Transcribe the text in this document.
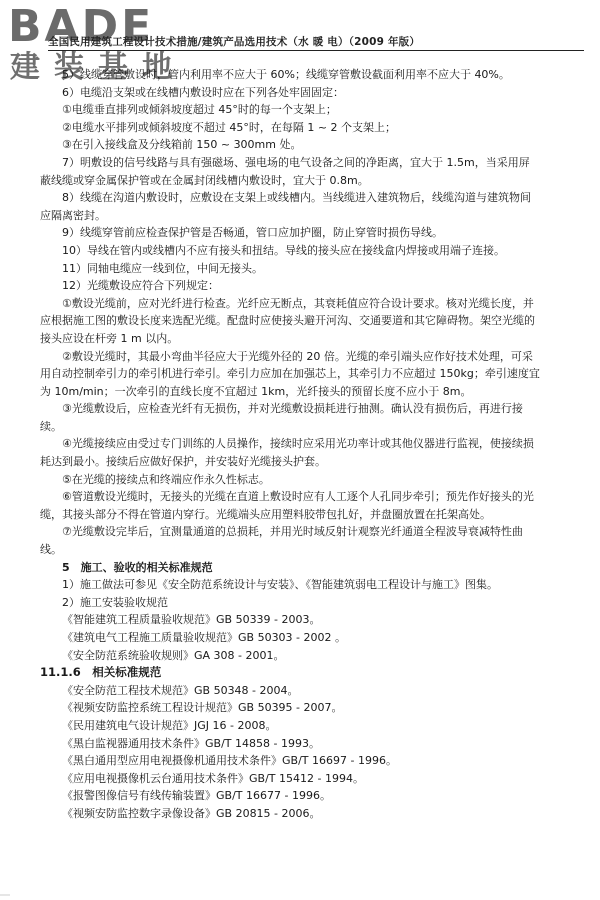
BADE
建装基地
全国民用建筑工程设计技术措施/建筑产品选用技术（水 暖 电）（2009 年版）

5）线缆穿管敷设时，管内利用率不应大于 60%；线缆穿管敷设截面利用率不应大于 40%。

6）电缆沿支架或在线槽内敷设时应在下列各处牢固固定：

①电缆垂直排列或倾斜坡度超过 45°时的每一个支架上；

②电缆水平排列或倾斜坡度不超过 45°时，在每隔 1 ~ 2 个支架上；

③在引入接线盒及分线箱前 150 ~ 300mm 处。

7）明敷设的信号线路与具有强磁场、强电场的电气设备之间的净距离，宜大于 1.5m，当采用屏

蔽线缆或穿金属保护管或在金属封闭线槽内敷设时，宜大于 0.8m。

8）线缆在沟道内敷设时，应敷设在支架上或线槽内。当线缆进入建筑物后，线缆沟道与建筑物间

应隔离密封。

9）线缆穿管前应检查保护管是否畅通，管口应加护圈，防止穿管时损伤导线。

10）导线在管内或线槽内不应有接头和扭结。导线的接头应在接线盒内焊接或用端子连接。

11）同轴电缆应一线到位，中间无接头。

12）光缆敷设应符合下列规定：

①敷设光缆前，应对光纤进行检查。光纤应无断点，其衰耗值应符合设计要求。核对光缆长度，并

应根据施工图的敷设长度来选配光缆。配盘时应使接头避开河沟、交通要道和其它障碍物。架空光缆的

接头应设在杆旁 1 m 以内。

②敷设光缆时，其最小弯曲半径应大于光缆外径的 20 倍。光缆的牵引端头应作好技术处理，可采

用自动控制牵引力的牵引机进行牵引。牵引力应加在加强芯上，其牵引力不应超过 150kg；牵引速度宜

为 10m/min；一次牵引的直线长度不宜超过 1km，光纤接头的预留长度不应小于 8m。

③光缆敷设后，应检查光纤有无损伤，并对光缆敷设损耗进行抽测。确认没有损伤后，再进行接

续。

④光缆接续应由受过专门训练的人员操作，接续时应采用光功率计或其他仪器进行监视，使接续损

耗达到最小。接续后应做好保护，并安装好光缆接头护套。

⑤在光缆的接续点和终端应作永久性标志。

⑥管道敷设光缆时，无接头的光缆在直道上敷设时应有人工逐个人孔同步牵引；预先作好接头的光

缆，其接头部分不得在管道内穿行。光缆端头应用塑料胶带包扎好，并盘圈放置在托架高处。

⑦光缆敷设完毕后，宜测量通道的总损耗，并用光时域反射计观察光纤通道全程波导衰减特性曲

线。

5　施工、验收的相关标准规范

1）施工做法可参见《安全防范系统设计与安装》、《智能建筑弱电工程设计与施工》图集。

2）施工安装验收规范

《智能建筑工程质量验收规范》GB 50339 - 2003。

《建筑电气工程施工质量验收规范》GB 50303 - 2002 。

《安全防范系统验收规则》GA 308 - 2001。

11.1.6　相关标准规范

《安全防范工程技术规范》GB 50348 - 2004。

《视频安防监控系统工程设计规范》GB 50395 - 2007。

《民用建筑电气设计规范》JGJ 16 - 2008。

《黑白监视器通用技术条件》GB/T 14858 - 1993。

《黑白通用型应用电视摄像机通用技术条件》GB/T 16697 - 1996。

《应用电视摄像机云台通用技术条件》GB/T 15412 - 1994。

《报警图像信号有线传输装置》GB/T 16677 - 1996。

《视频安防监控数字录像设备》GB 20815 - 2006。
